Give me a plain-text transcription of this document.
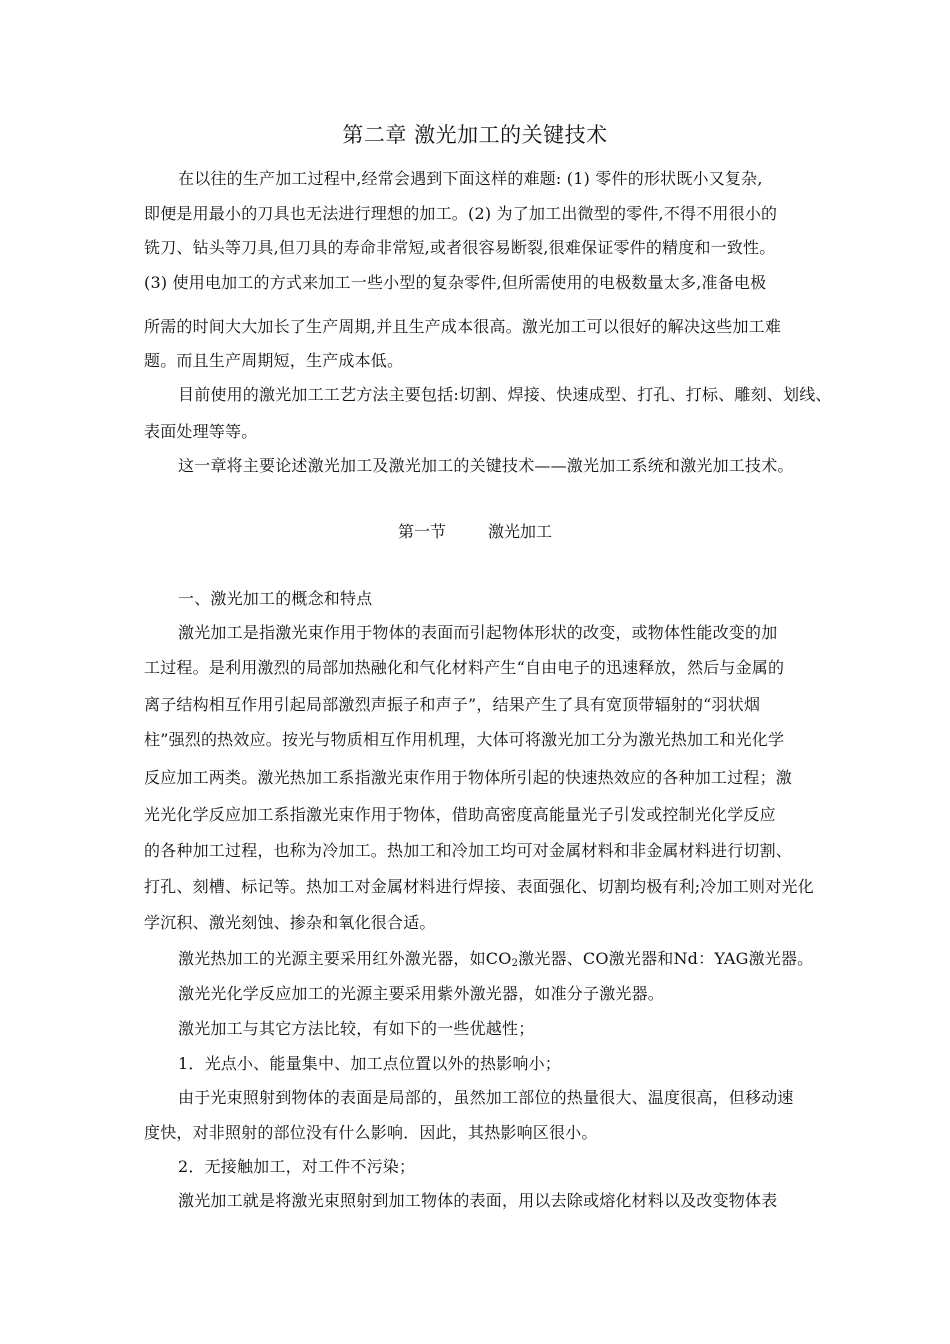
第二章 激光加工的关键技术
在以往的生产加工过程中,经常会遇到下面这样的难题: (1) 零件的形状既小又复杂,
即便是用最小的刀具也无法进行理想的加工。(2) 为了加工出微型的零件,不得不用很小的
铣刀、钻头等刀具,但刀具的寿命非常短,或者很容易断裂,很难保证零件的精度和一致性。
(3) 使用电加工的方式来加工一些小型的复杂零件,但所需使用的电极数量太多,准备电极
所需的时间大大加长了生产周期,并且生产成本很高。激光加工可以很好的解决这些加工难
题。而且生产周期短，生产成本低。
目前使用的激光加工工艺方法主要包括:切割、焊接、快速成型、打孔、打标、雕刻、划线、
表面处理等等。
这一章将主要论述激光加工及激光加工的关键技术——激光加工系统和激光加工技术。
第一节	激光加工
一、激光加工的概念和特点
激光加工是指激光束作用于物体的表面而引起物体形状的改变，或物体性能改变的加
工过程。是利用激烈的局部加热融化和气化材料产生“自由电子的迅速释放，然后与金属的
离子结构相互作用引起局部激烈声振子和声子”，结果产生了具有宽顶带辐射的“羽状烟
柱”强烈的热效应。按光与物质相互作用机理，大体可将激光加工分为激光热加工和光化学
反应加工两类。激光热加工系指激光束作用于物体所引起的快速热效应的各种加工过程；激
光光化学反应加工系指激光束作用于物体，借助高密度高能量光子引发或控制光化学反应
的各种加工过程，也称为冷加工。热加工和冷加工均可对金属材料和非金属材料进行切割、
打孔、刻槽、标记等。热加工对金属材料进行焊接、表面强化、切割均极有利;冷加工则对光化
学沉积、激光刻蚀、掺杂和氧化很合适。
激光热加工的光源主要采用红外激光器，如$CO_2$激光器、CO激光器和Nd：YAG激光器。
激光光化学反应加工的光源主要采用紫外激光器，如准分子激光器。
激光加工与其它方法比较，有如下的一些优越性；
1．光点小、能量集中、加工点位置以外的热影响小；
由于光束照射到物体的表面是局部的，虽然加工部位的热量很大、温度很高，但移动速
度快，对非照射的部位没有什么影响．因此，其热影响区很小。
2．无接触加工，对工件不污染；
激光加工就是将激光束照射到加工物体的表面，用以去除或熔化材料以及改变物体表
